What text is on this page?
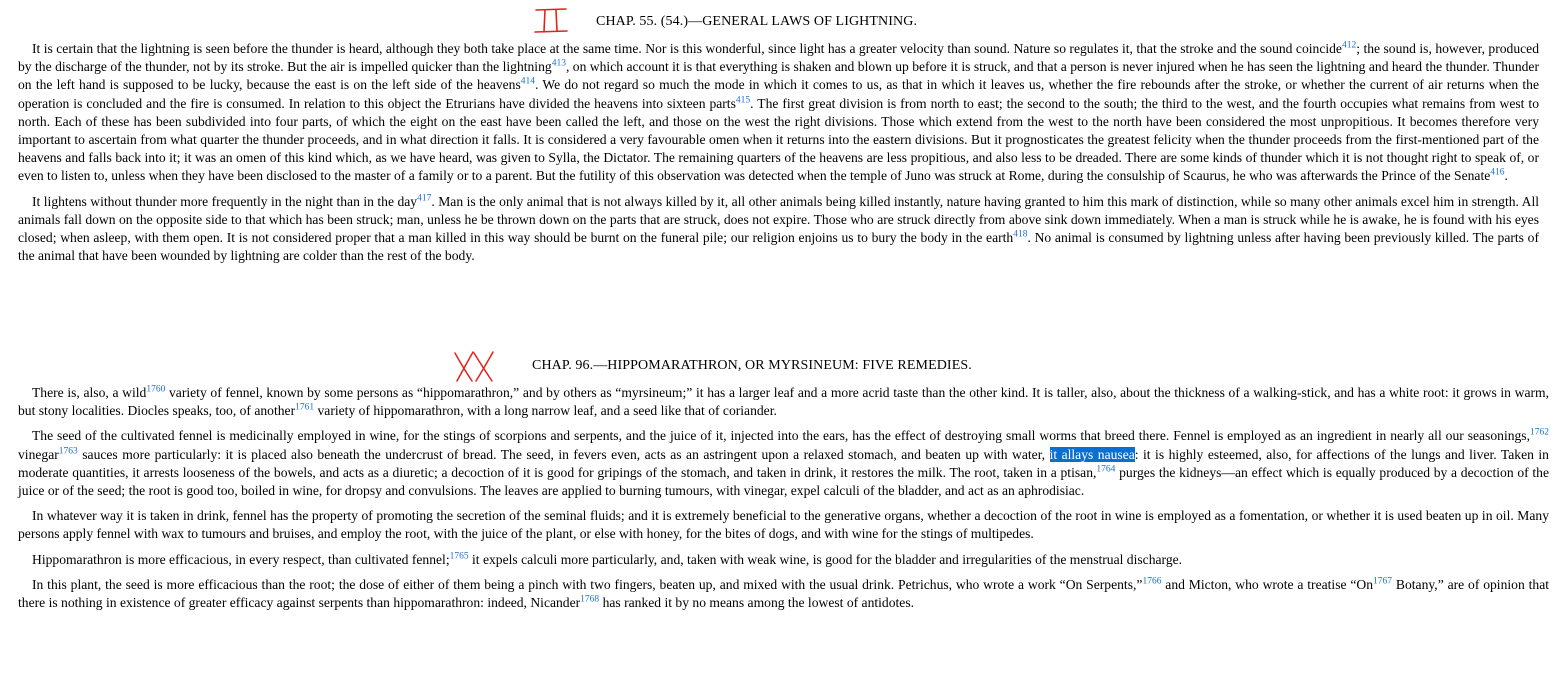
CHAP. 55. (54.)—GENERAL LAWS OF LIGHTNING.

It is certain that the lightning is seen before the thunder is heard, although they both take place at the same time. Nor is this wonderful, since light has a greater velocity than sound. Nature so regulates it, that the stroke and the sound coincide$^{412}$; the sound is, however, produced by the discharge of the thunder, not by its stroke. But the air is impelled quicker than the lightning$^{413}$, on which account it is that everything is shaken and blown up before it is struck, and that a person is never injured when he has seen the lightning and heard the thunder. Thunder on the left hand is supposed to be lucky, because the east is on the left side of the heavens$^{414}$. We do not regard so much the mode in which it comes to us, as that in which it leaves us, whether the fire rebounds after the stroke, or whether the current of air returns when the operation is concluded and the fire is consumed. In relation to this object the Etrurians have divided the heavens into sixteen parts$^{415}$. The first great division is from north to east; the second to the south; the third to the west, and the fourth occupies what remains from west to north. Each of these has been subdivided into four parts, of which the eight on the east have been called the left, and those on the west the right divisions. Those which extend from the west to the north have been considered the most unpropitious. It becomes therefore very important to ascertain from what quarter the thunder proceeds, and in what direction it falls. It is considered a very favourable omen when it returns into the eastern divisions. But it prognosticates the greatest felicity when the thunder proceeds from the first-mentioned part of the heavens and falls back into it; it was an omen of this kind which, as we have heard, was given to Sylla, the Dictator. The remaining quarters of the heavens are less propitious, and also less to be dreaded. There are some kinds of thunder which it is not thought right to speak of, or even to listen to, unless when they have been disclosed to the master of a family or to a parent. But the futility of this observation was detected when the temple of Juno was struck at Rome, during the consulship of Scaurus, he who was afterwards the Prince of the Senate$^{416}$.

It lightens without thunder more frequently in the night than in the day$^{417}$. Man is the only animal that is not always killed by it, all other animals being killed instantly, nature having granted to him this mark of distinction, while so many other animals excel him in strength. All animals fall down on the opposite side to that which has been struck; man, unless he be thrown down on the parts that are struck, does not expire. Those who are struck directly from above sink down immediately. When a man is struck while he is awake, he is found with his eyes closed; when asleep, with them open. It is not considered proper that a man killed in this way should be burnt on the funeral pile; our religion enjoins us to bury the body in the earth$^{418}$. No animal is consumed by lightning unless after having been previously killed. The parts of the animal that have been wounded by lightning are colder than the rest of the body.

CHAP. 96.—HIPPOMARATHRON, OR MYRSINEUM: FIVE REMEDIES.

There is, also, a wild$^{1760}$ variety of fennel, known by some persons as “hippomarathron,” and by others as “myrsineum;” it has a larger leaf and a more acrid taste than the other kind. It is taller, also, about the thickness of a walking-stick, and has a white root: it grows in warm, but stony localities. Diocles speaks, too, of another$^{1761}$ variety of hippomarathron, with a long narrow leaf, and a seed like that of coriander.

The seed of the cultivated fennel is medicinally employed in wine, for the stings of scorpions and serpents, and the juice of it, injected into the ears, has the effect of destroying small worms that breed there. Fennel is employed as an ingredient in nearly all our seasonings,$^{1762}$ vinegar$^{1763}$ sauces more particularly: it is placed also beneath the undercrust of bread. The seed, in fevers even, acts as an astringent upon a relaxed stomach, and beaten up with water, it allays nausea: it is highly esteemed, also, for affections of the lungs and liver. Taken in moderate quantities, it arrests looseness of the bowels, and acts as a diuretic; a decoction of it is good for gripings of the stomach, and taken in drink, it restores the milk. The root, taken in a ptisan,$^{1764}$ purges the kidneys—an effect which is equally produced by a decoction of the juice or of the seed; the root is good too, boiled in wine, for dropsy and convulsions. The leaves are applied to burning tumours, with vinegar, expel calculi of the bladder, and act as an aphrodisiac.

In whatever way it is taken in drink, fennel has the property of promoting the secretion of the seminal fluids; and it is extremely beneficial to the generative organs, whether a decoction of the root in wine is employed as a fomentation, or whether it is used beaten up in oil. Many persons apply fennel with wax to tumours and bruises, and employ the root, with the juice of the plant, or else with honey, for the bites of dogs, and with wine for the stings of multipedes.

Hippomarathron is more efficacious, in every respect, than cultivated fennel;$^{1765}$ it expels calculi more particularly, and, taken with weak wine, is good for the bladder and irregularities of the menstrual discharge.

In this plant, the seed is more efficacious than the root; the dose of either of them being a pinch with two fingers, beaten up, and mixed with the usual drink. Petrichus, who wrote a work “On Serpents,”$^{1766}$ and Micton, who wrote a treatise “On$^{1767}$ Botany,” are of opinion that there is nothing in existence of greater efficacy against serpents than hippomarathron: indeed, Nicander$^{1768}$ has ranked it by no means among the lowest of antidotes.
